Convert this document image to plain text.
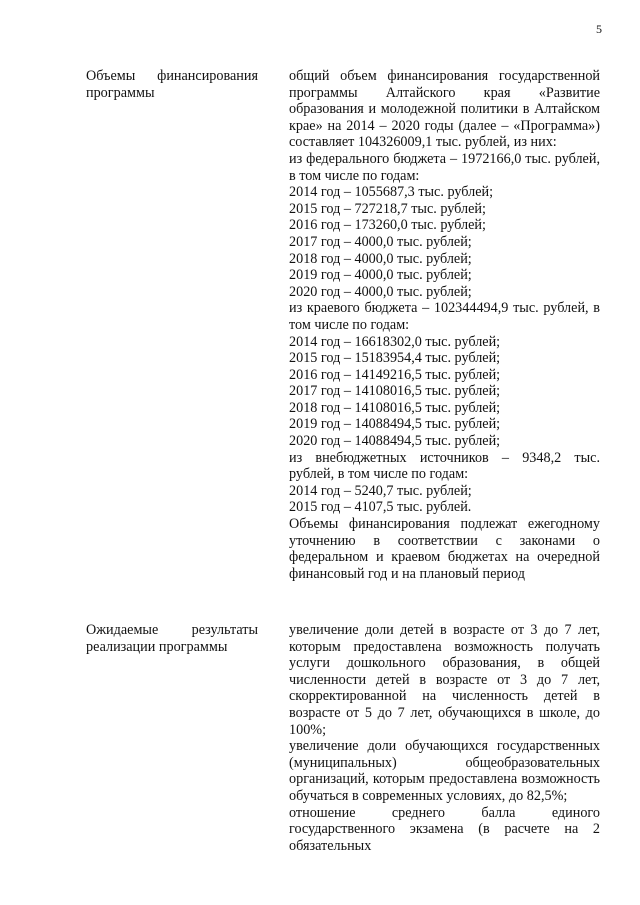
5
Объемы финансирования
программы

общий объем финансирования государственной программы Алтайского края «Развитие образования и молодежной политики в Алтайском крае» на 2014 – 2020 годы (далее – «Программа») составляет 104326009,1 тыс. рублей, из них:

из федерального бюджета – 1972166,0 тыс. рублей, в том числе по годам:

2014 год – 1055687,3 тыс. рублей;

2015 год – 727218,7 тыс. рублей;

2016 год – 173260,0 тыс. рублей;

2017 год – 4000,0 тыс. рублей;

2018 год – 4000,0 тыс. рублей;

2019 год – 4000,0 тыс. рублей;

2020 год – 4000,0 тыс. рублей;

из краевого бюджета – 102344494,9 тыс. рублей, в том числе по годам:

2014 год – 16618302,0 тыс. рублей;

2015 год – 15183954,4 тыс. рублей;

2016 год – 14149216,5 тыс. рублей;

2017 год – 14108016,5 тыс. рублей;

2018 год – 14108016,5 тыс. рублей;

2019 год – 14088494,5 тыс. рублей;

2020 год – 14088494,5 тыс. рублей;

из внебюджетных источников – 9348,2 тыс. рублей, в том числе по годам:

2014 год – 5240,7 тыс. рублей;

2015 год – 4107,5 тыс. рублей.

Объемы финансирования подлежат ежегодному уточнению в соответствии с законами о федеральном и краевом бюджетах на очередной финансовый год и на плановый период

Ожидаемые результаты
реализации программы

увеличение доли детей в возрасте от 3 до 7 лет, которым предоставлена возможность получать услуги дошкольного образования, в общей численности детей в возрасте от 3 до 7 лет, скорректированной на численность детей в возрасте от 5 до 7 лет, обучающихся в школе, до 100%;

увеличение доли обучающихся государственных (муниципальных) общеобразовательных организаций, которым предоставлена возможность обучаться в современных условиях, до 82,5%;

отношение среднего балла единого государственного экзамена (в расчете на 2 обязательных
